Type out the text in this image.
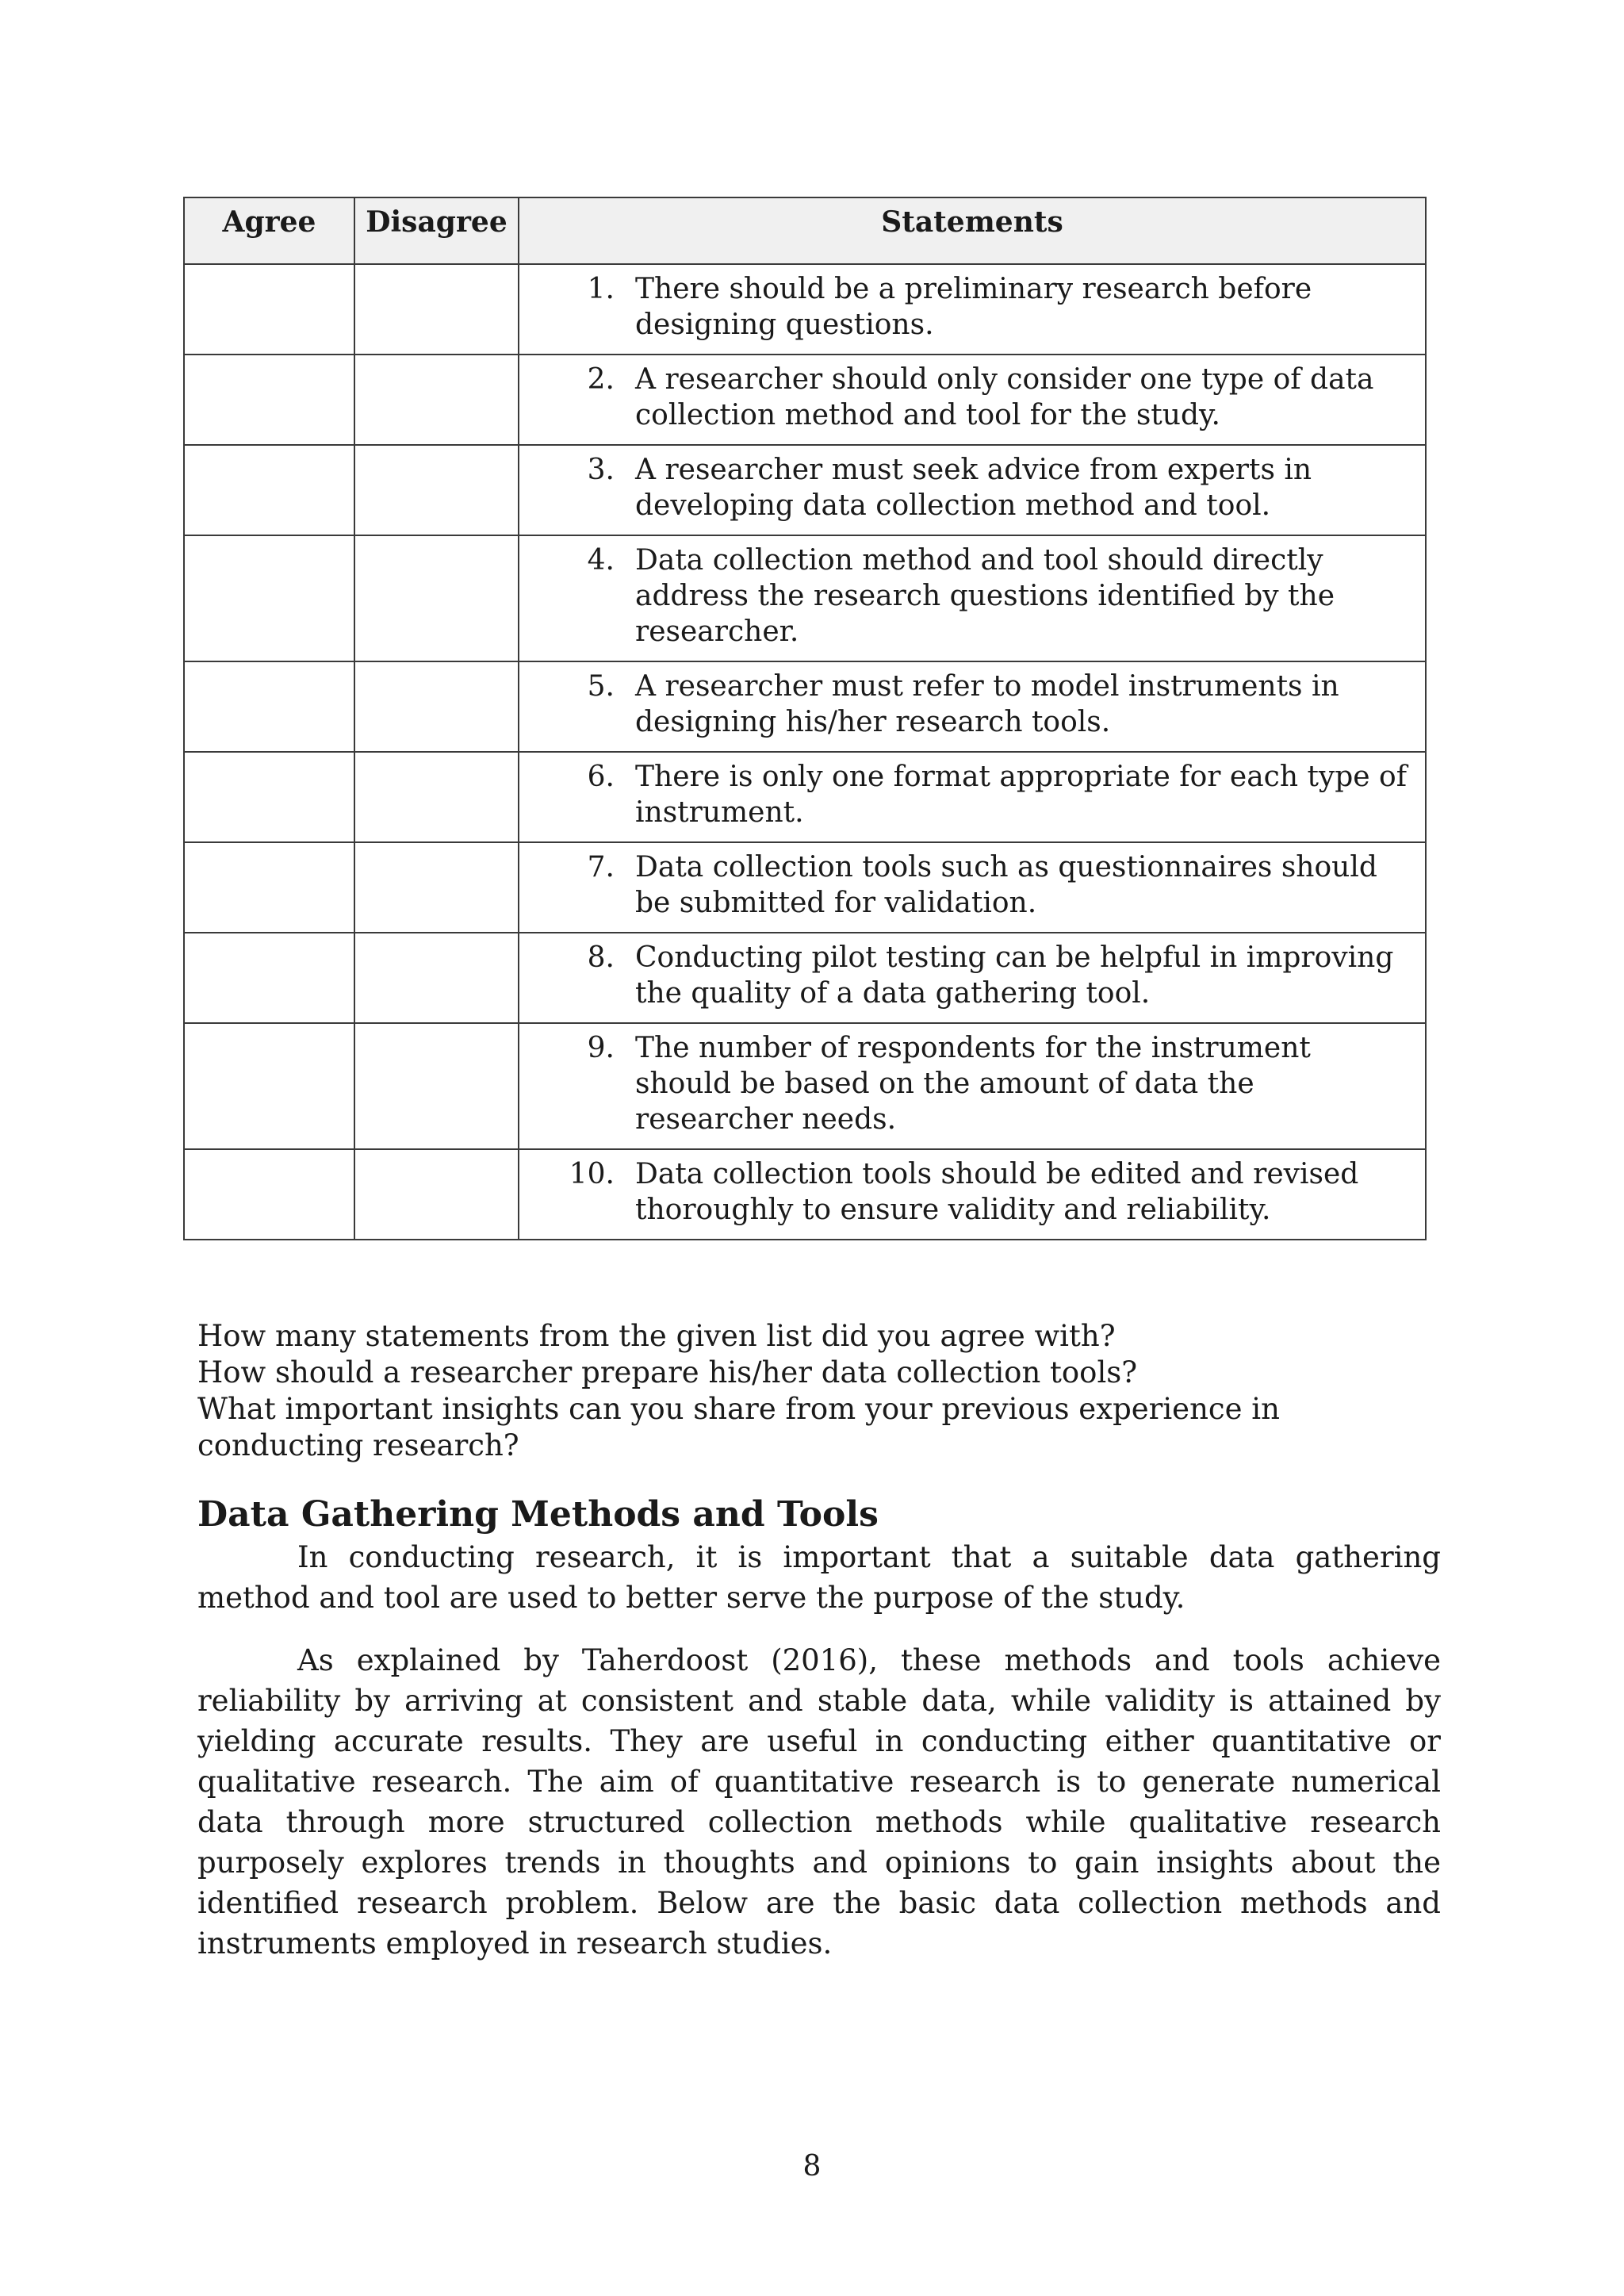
Agree	Disagree	Statements

		1. There should be a preliminary research before designing questions.

		2. A researcher should only consider one type of data collection method and tool for the study.

		3. A researcher must seek advice from experts in developing data collection method and tool.

		4. Data collection method and tool should directly address the research questions identified by the researcher.

		5. A researcher must refer to model instruments in designing his/her research tools.

		6. There is only one format appropriate for each type of instrument.

		7. Data collection tools such as questionnaires should be submitted for validation.

		8. Conducting pilot testing can be helpful in improving the quality of a data gathering tool.

		9. The number of respondents for the instrument should be based on the amount of data the researcher needs.

		10. Data collection tools should be edited and revised thoroughly to ensure validity and reliability.

How many statements from the given list did you agree with?

How should a researcher prepare his/her data collection tools?

What important insights can you share from your previous experience in conducting research?

Data Gathering Methods and Tools

In conducting research, it is important that a suitable data gathering method and tool are used to better serve the purpose of the study.

As explained by Taherdoost (2016), these methods and tools achieve reliability by arriving at consistent and stable data, while validity is attained by yielding accurate results. They are useful in conducting either quantitative or qualitative research. The aim of quantitative research is to generate numerical data through more structured collection methods while qualitative research purposely explores trends in thoughts and opinions to gain insights about the identified research problem. Below are the basic data collection methods and instruments employed in research studies.

8
